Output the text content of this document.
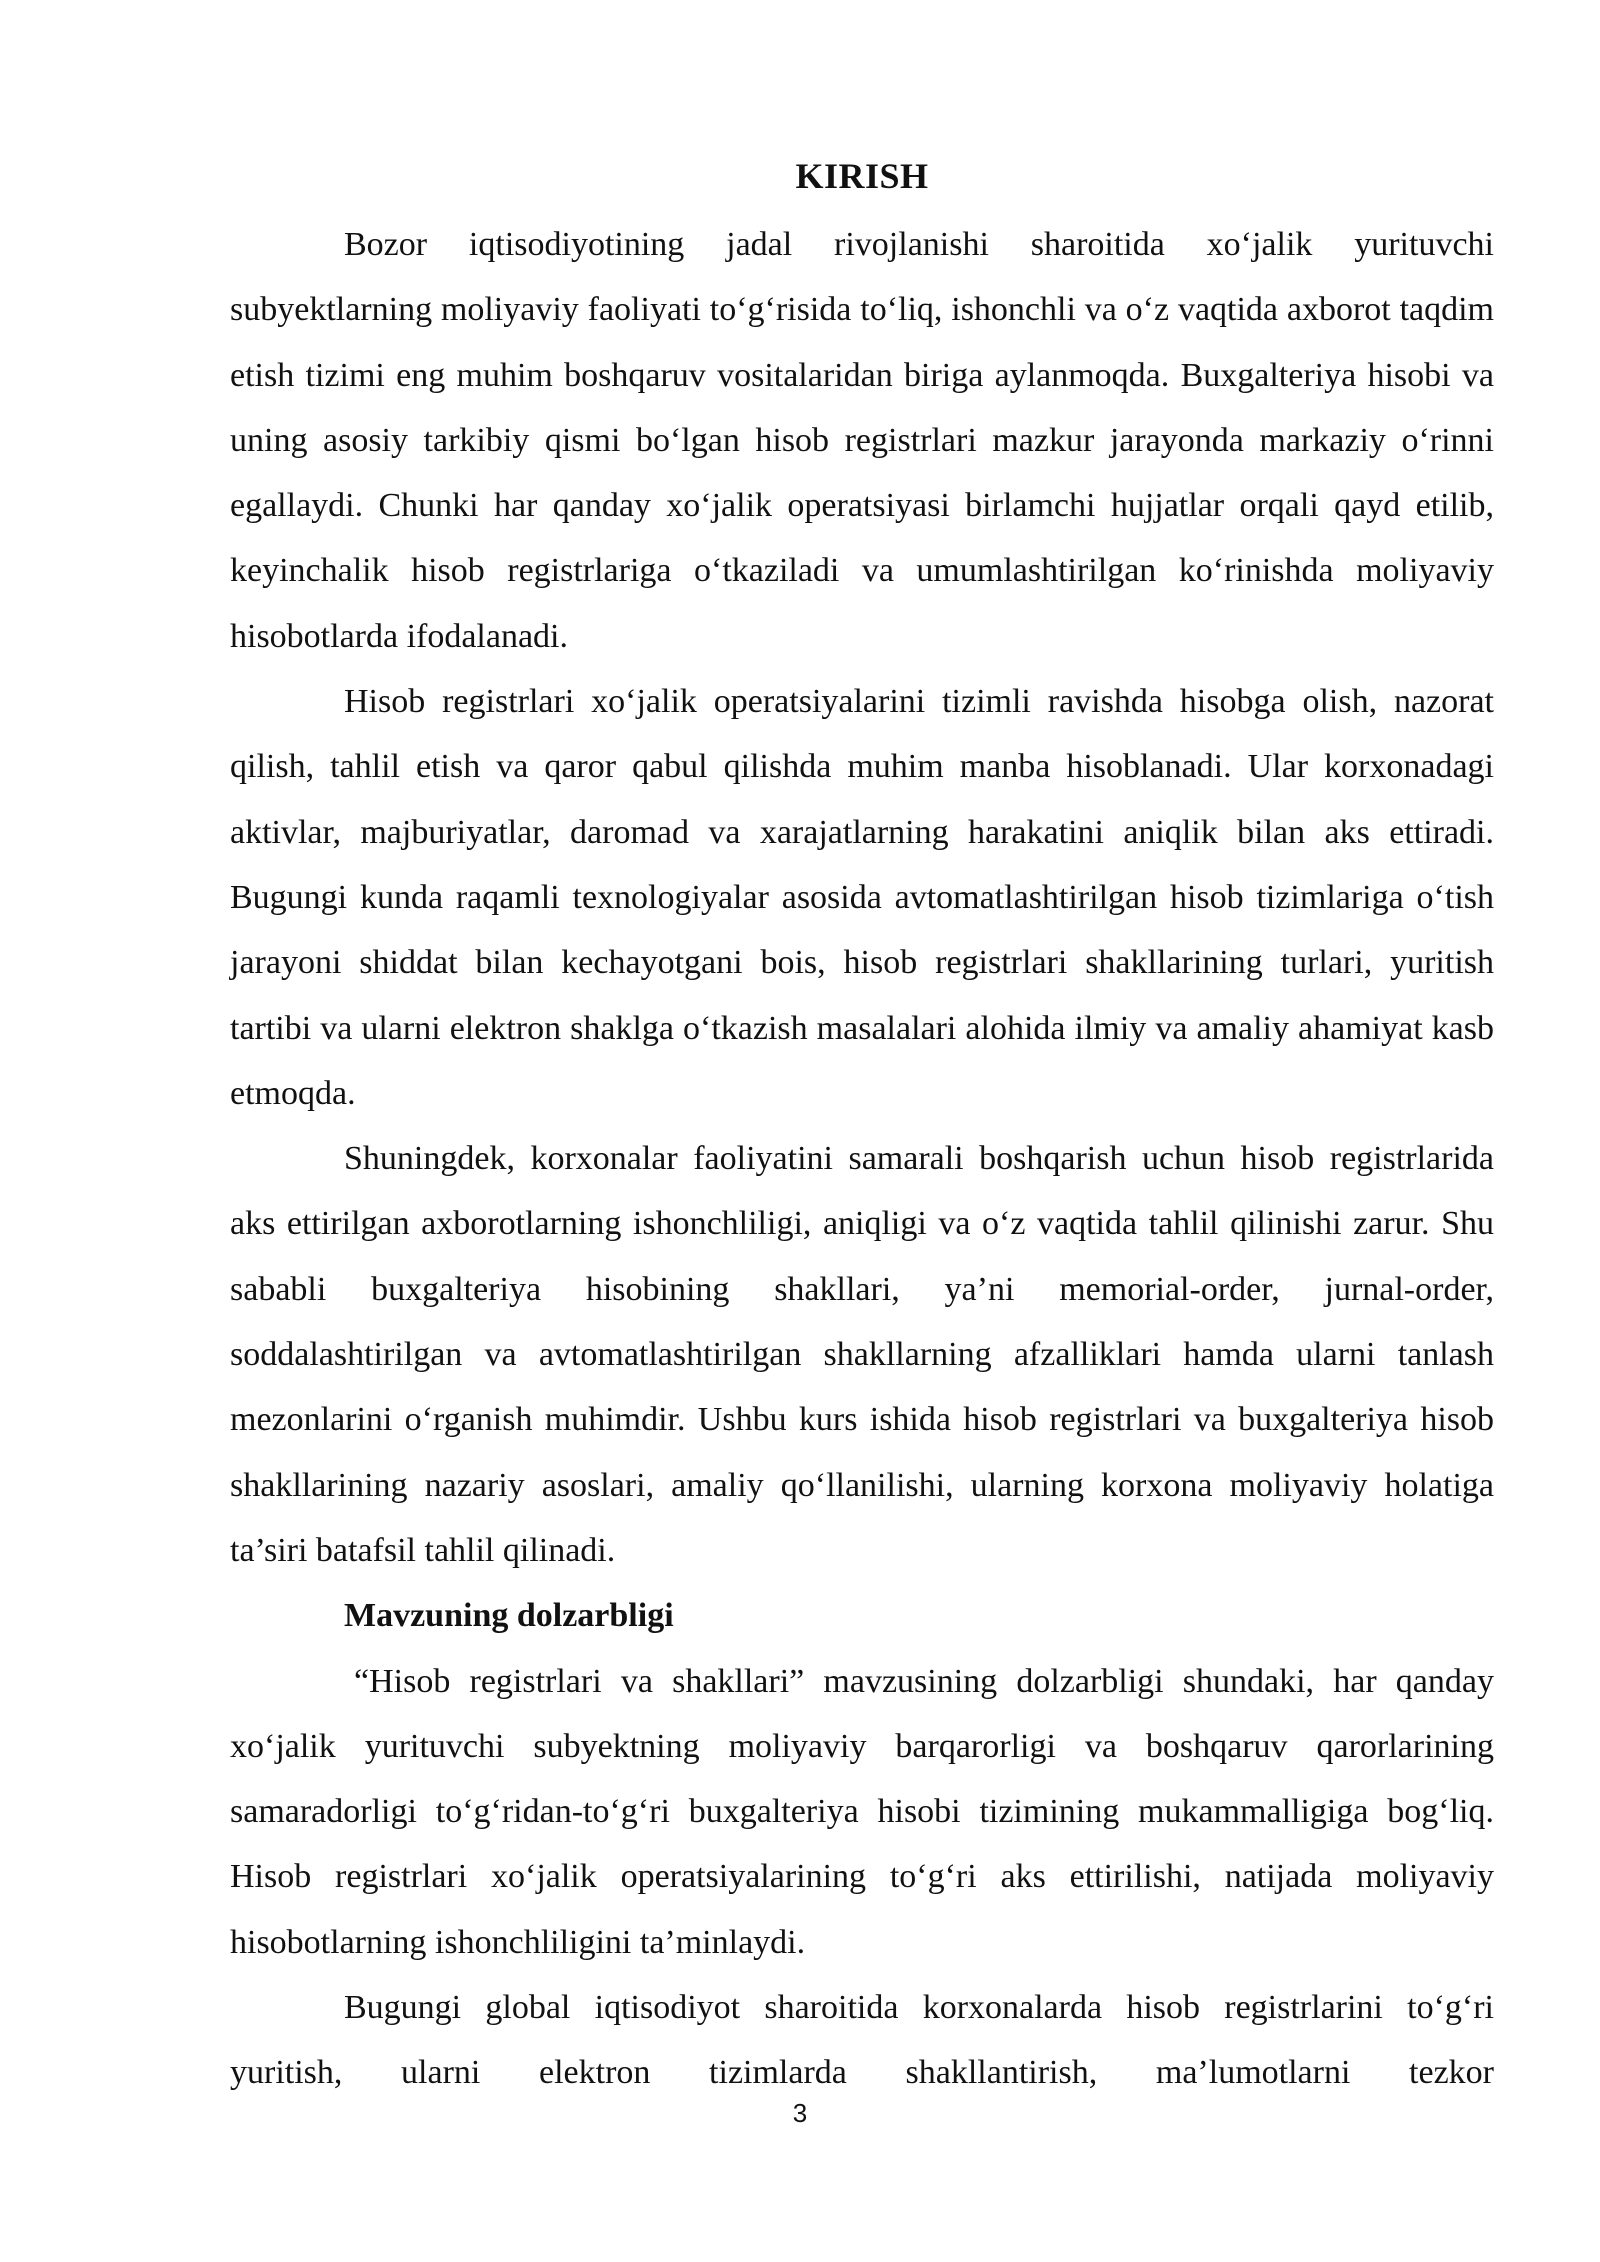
KIRISH

Bozor iqtisodiyotining jadal rivojlanishi sharoitida xo‘jalik yurituvchi subyektlarning moliyaviy faoliyati to‘g‘risida to‘liq, ishonchli va o‘z vaqtida axborot taqdim etish tizimi eng muhim boshqaruv vositalaridan biriga aylanmoqda. Buxgalteriya hisobi va uning asosiy tarkibiy qismi bo‘lgan hisob registrlari mazkur jarayonda markaziy o‘rinni egallaydi. Chunki har qanday xo‘jalik operatsiyasi birlamchi hujjatlar orqali qayd etilib, keyinchalik hisob registrlariga o‘tkaziladi va umumlashtirilgan ko‘rinishda moliyaviy hisobotlarda ifodalanadi.

Hisob registrlari xo‘jalik operatsiyalarini tizimli ravishda hisobga olish, nazorat qilish, tahlil etish va qaror qabul qilishda muhim manba hisoblanadi. Ular korxonadagi aktivlar, majburiyatlar, daromad va xarajatlarning harakatini aniqlik bilan aks ettiradi. Bugungi kunda raqamli texnologiyalar asosida avtomatlashtirilgan hisob tizimlariga o‘tish jarayoni shiddat bilan kechayotgani bois, hisob registrlari shakllarining turlari, yuritish tartibi va ularni elektron shaklga o‘tkazish masalalari alohida ilmiy va amaliy ahamiyat kasb etmoqda.

Shuningdek, korxonalar faoliyatini samarali boshqarish uchun hisob registrlarida aks ettirilgan axborotlarning ishonchliligi, aniqligi va o‘z vaqtida tahlil qilinishi zarur. Shu sababli buxgalteriya hisobining shakllari, ya’ni memorial-order, jurnal-order, soddalashtirilgan va avtomatlashtirilgan shakllarning afzalliklari hamda ularni tanlash mezonlarini o‘rganish muhimdir. Ushbu kurs ishida hisob registrlari va buxgalteriya hisob shakllarining nazariy asoslari, amaliy qo‘llanilishi, ularning korxona moliyaviy holatiga ta’siri batafsil tahlil qilinadi.

Mavzuning dolzarbligi

“Hisob registrlari va shakllari” mavzusining dolzarbligi shundaki, har qanday xo‘jalik yurituvchi subyektning moliyaviy barqarorligi va boshqaruv qarorlarining samaradorligi to‘g‘ridan-to‘g‘ri buxgalteriya hisobi tizimining mukammalligiga bog‘liq. Hisob registrlari xo‘jalik operatsiyalarining to‘g‘ri aks ettirilishi, natijada moliyaviy hisobotlarning ishonchliligini ta’minlaydi.

Bugungi global iqtisodiyot sharoitida korxonalarda hisob registrlarini to‘g‘ri yuritish, ularni elektron tizimlarda shakllantirish, ma’lumotlarni tezkor

3
